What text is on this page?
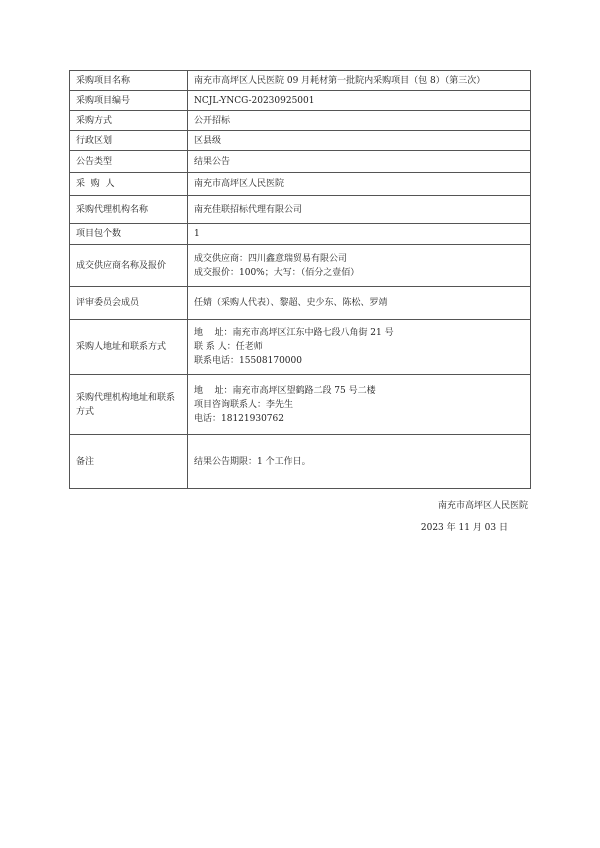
采购项目名称	南充市高坪区人民医院 09 月耗材第一批院内采购项目（包 8）（第三次）
采购项目编号	NCJL-YNCG-20230925001
采购方式	公开招标
行政区划	区县级
公告类型	结果公告
采  购  人	南充市高坪区人民医院
采购代理机构名称	南充佳联招标代理有限公司
项目包个数	1
成交供应商名称及报价	成交供应商：四川鑫意瑞贸易有限公司
成交报价：100%；大写：（佰分之壹佰）

评审委员会成员	任婧（采购人代表）、黎超、史少东、陈松、罗靖
采购人地址和联系方式	地    址：南充市高坪区江东中路七段八角街 21 号
联 系 人：任老师
联系电话：15508170000

采购代理机构地址和联系方式	地    址：南充市高坪区望鹤路二段 75 号二楼
项目咨询联系人：李先生
电话：18121930762

备注	结果公告期限：1 个工作日。
南充市高坪区人民医院
2023 年 11 月 03 日
